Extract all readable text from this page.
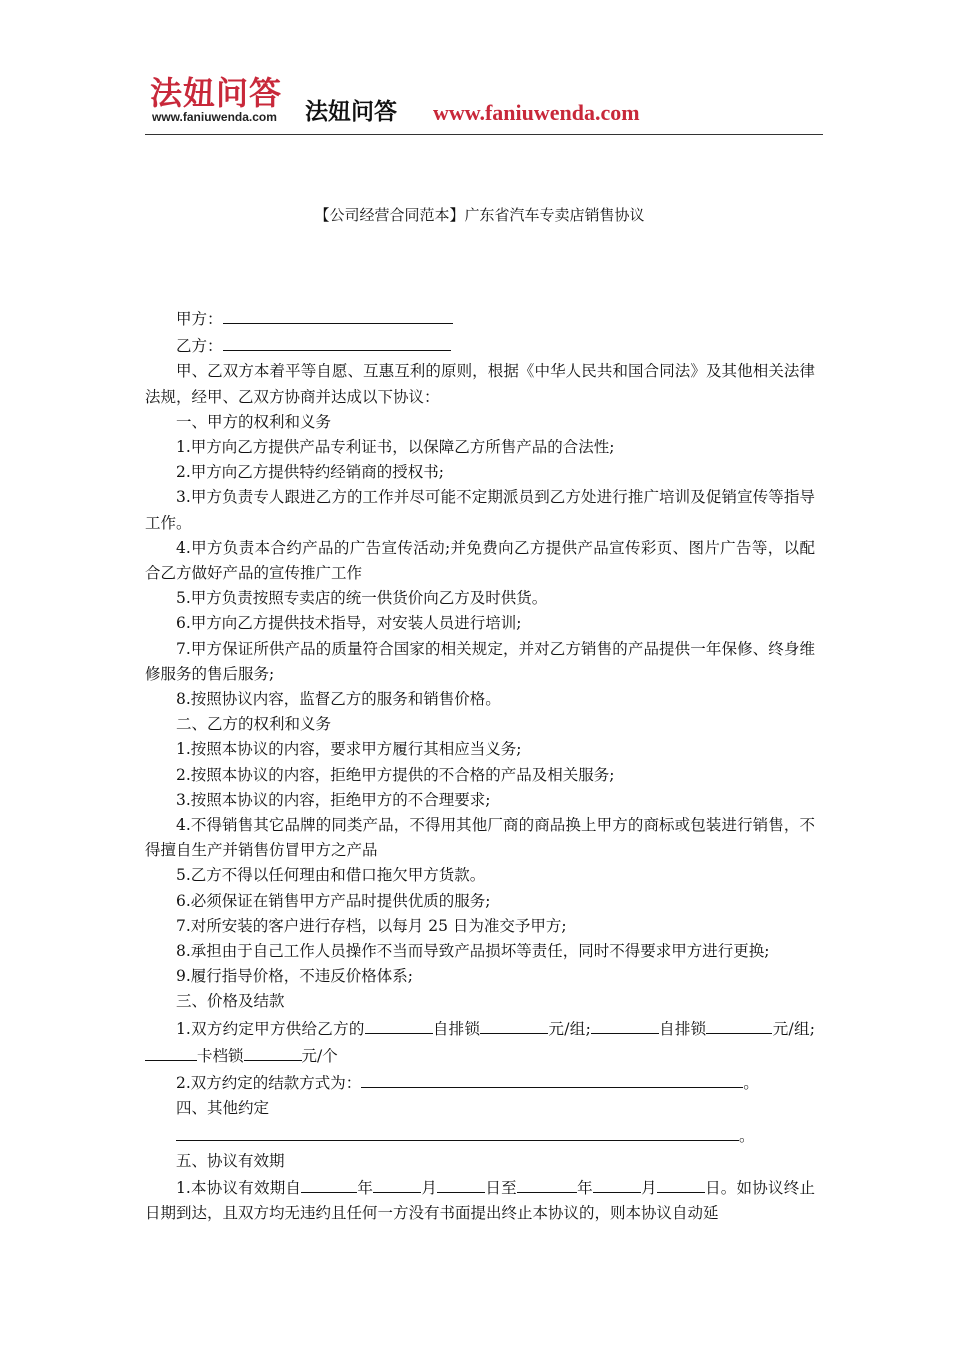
法妞问答
www.faniuwenda.com 法妞问答 www.faniuwenda.com
【公司经营合同范本】广东省汽车专卖店销售协议

甲方：

乙方：

甲、乙双方本着平等自愿、互惠互利的原则，根据《中华人民共和国合同法》及其他相关法律法规，经甲、乙双方协商并达成以下协议：

一、甲方的权利和义务

1.甲方向乙方提供产品专利证书，以保障乙方所售产品的合法性;

2.甲方向乙方提供特约经销商的授权书;

3.甲方负责专人跟进乙方的工作并尽可能不定期派员到乙方处进行推广培训及促销宣传等指导工作。

4.甲方负责本合约产品的广告宣传活动;并免费向乙方提供产品宣传彩页、图片广告等，以配合乙方做好产品的宣传推广工作

5.甲方负责按照专卖店的统一供货价向乙方及时供货。

6.甲方向乙方提供技术指导，对安装人员进行培训;

7.甲方保证所供产品的质量符合国家的相关规定，并对乙方销售的产品提供一年保修、终身维修服务的售后服务;

8.按照协议内容，监督乙方的服务和销售价格。

二、乙方的权利和义务

1.按照本协议的内容，要求甲方履行其相应当义务;

2.按照本协议的内容，拒绝甲方提供的不合格的产品及相关服务;

3.按照本协议的内容，拒绝甲方的不合理要求;

4.不得销售其它品牌的同类产品，不得用其他厂商的商品换上甲方的商标或包装进行销售，不得擅自生产并销售仿冒甲方之产品

5.乙方不得以任何理由和借口拖欠甲方货款。

6.必须保证在销售甲方产品时提供优质的服务;

7.对所安装的客户进行存档，以每月 25 日为准交予甲方;

8.承担由于自己工作人员操作不当而导致产品损坏等责任，同时不得要求甲方进行更换;

9.履行指导价格，不违反价格体系;

三、价格及结款

1.双方约定甲方供给乙方的	自排锁	元/组;	自排锁	元/组;卡档锁	元/个

2.双方约定的结款方式为：	。

四、其他约定

。

五、协议有效期

1.本协议有效期自	年	月	日至	年	月	日。如协议终止日期到达，且双方均无违约且任何一方没有书面提出终止本协议的，则本协议自动延
